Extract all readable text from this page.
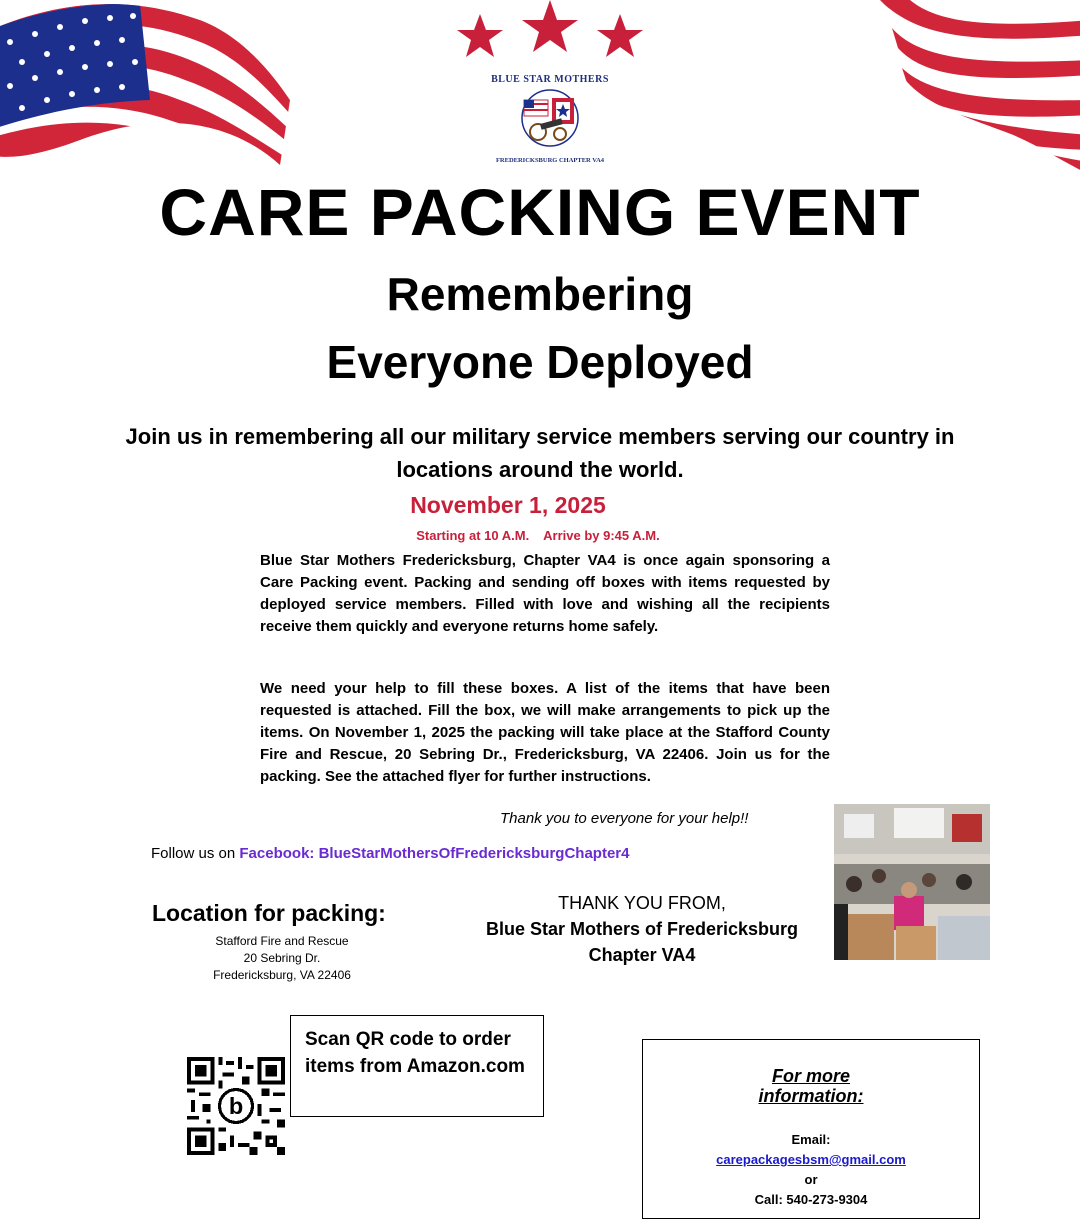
BLUE STAR MOTHERS
FREDERICKSBURG CHAPTER VA4
CARE PACKING EVENT
Remembering
Everyone Deployed
Join us in remembering all our military service members serving our country in locations around the world.
November 1, 2025
Starting at 10 A.M.    Arrive by 9:45 A.M.
Blue Star Mothers Fredericksburg, Chapter VA4 is once again sponsoring a Care Packing event. Packing and sending off boxes with items requested by deployed service members. Filled with love and wishing all the recipients receive them quickly and everyone returns home safely.
We need your help to fill these boxes. A list of the items that have been requested is attached. Fill the box, we will make arrangements to pick up the items. On November 1, 2025 the packing will take place at the Stafford County Fire and Rescue, 20 Sebring Dr., Fredericksburg, VA 22406. Join us for the packing. See the attached flyer for further instructions.
Thank you to everyone for your help!!
Follow us on Facebook: BlueStarMothersOfFredericksburgChapter4
Location for packing:
Stafford Fire and Rescue
20 Sebring Dr.
Fredericksburg, VA 22406
THANK YOU FROM,
Blue Star Mothers of Fredericksburg
Chapter VA4
b
Scan QR code to order items from Amazon.com	For more information:
Email:
carepackagesbsm@gmail.com
or
Call: 540-273-9304
